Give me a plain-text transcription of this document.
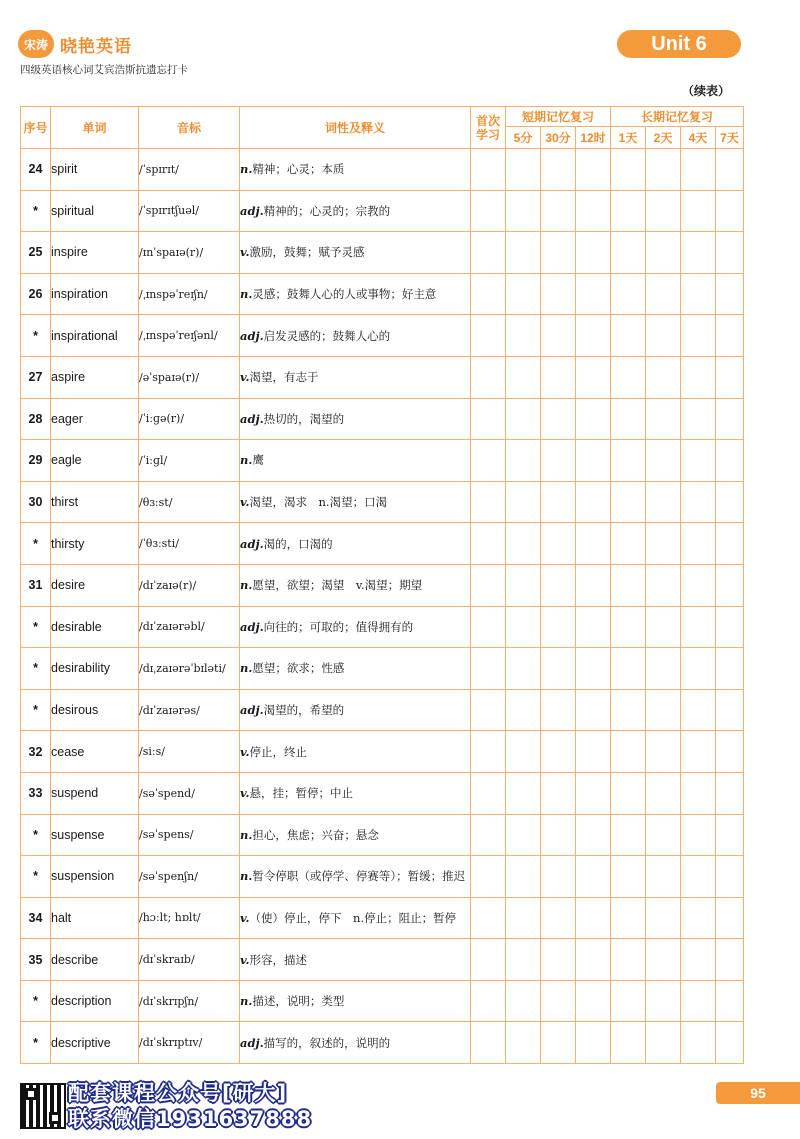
宋涛 晓艳英语
四级英语核心词艾宾浩斯抗遗忘打卡
Unit 6
（续表）
序号	单词	音标	词性及释义	首次学习	短期记忆复习			长期记忆复习			
					5分	30分	12时	1天	2天	4天	7天
24	spirit	/ˈspɪrɪt/	n.精神；心灵；本质								
*	spiritual	/ˈspɪrɪtʃuəl/	adj.精神的；心灵的；宗教的								
25	inspire	/ɪnˈspaɪə(r)/	v.激励，鼓舞；赋予灵感								
26	inspiration	/ˌɪnspəˈreɪʃn/	n.灵感；鼓舞人心的人或事物；好主意								
*	inspirational	/ˌɪnspəˈreɪʃənl/	adj.启发灵感的；鼓舞人心的								
27	aspire	/əˈspaɪə(r)/	v.渴望，有志于								
28	eager	/ˈiːɡə(r)/	adj.热切的，渴望的								
29	eagle	/ˈiːɡl/	n.鹰								
30	thirst	/θɜːst/	v.渴望，渴求　n.渴望；口渴								
*	thirsty	/ˈθɜːsti/	adj.渴的，口渴的								
31	desire	/dɪˈzaɪə(r)/	n.愿望，欲望；渴望　v.渴望；期望								
*	desirable	/dɪˈzaɪərəbl/	adj.向往的；可取的；值得拥有的								
*	desirability	/dɪˌzaɪərəˈbɪləti/	n.愿望；欲求；性感								
*	desirous	/dɪˈzaɪərəs/	adj.渴望的，希望的								
32	cease	/siːs/	v.停止，终止								
33	suspend	/səˈspend/	v.悬，挂；暂停；中止								
*	suspense	/səˈspens/	n.担心，焦虑；兴奋；悬念								
*	suspension	/səˈspenʃn/	n.暂令停职（或停学、停赛等）；暂缓；推迟								
34	halt	/hɔːlt; hɒlt/	v.（使）停止，停下　n.停止；阻止；暂停								
35	describe	/dɪˈskraɪb/	v.形容，描述								
*	description	/dɪˈskrɪpʃn/	n.描述，说明；类型								
*	descriptive	/dɪˈskrɪptɪv/	adj.描写的，叙述的，说明的								
配套课程公众号[研大]
联系微信1931637888
95
